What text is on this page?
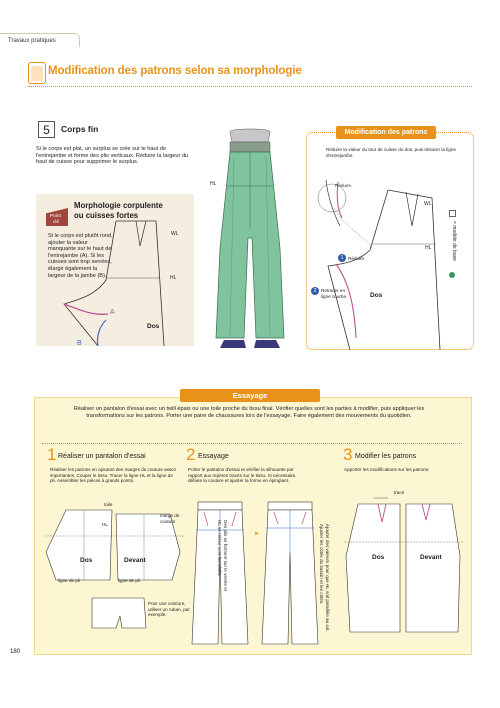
Travaux pratiques
Modification des patrons selon sa morphologie
5	Corps fin
Si le corps est plat, un surplus se crée sur le haut de l'entrejambe et forme des plis verticaux. Réduire la largeur du haut de cuisse pour supprimer le surplus.
Point
clé
Morphologie corpulente ou cuisses fortes
Si le corps est plutôt rond, ajouter la valeur manquante sur le haut de l'entrejambe (A). Si les cuisses sont trop serrées, élargir également la largeur de la jambe (B).
WL
HL
A
B
Dos
HL
Modification des patrons
Réduire la valeur du tour de cuisse du dos, puis retracer la ligne d'entrejambe.
Réduire.
1 Réduire.
2 Retracer en ligne courbe.
WL
HL
Dos
= modèle de base
Essayage
Réaliser un pantalon d'essai avec un twill épais ou une toile proche du tissu final. Vérifier quelles sont les parties à modifier, puis appliquer les transformations sur les patrons. Porter une paire de chaussures lors de l'essayage. Faire également des mouvements du quotidien.
1 Réaliser un pantalon d'essai
Réaliser les patrons en ajoutant des marges de couture assez importantes. Couper le tissu. Tracer la ligne HL et la ligne de pli. Assembler les pièces à grands points.
toile
HL
marge de couture
Dos	Devant
ligne de pli	ligne de pli
Pour une ceinture, utiliser un ruban, par exemple.
2 Essayage
Porter le pantalon d'essai et vérifier la silhouette par rapport aux repères tracés sur le tissu. Si nécessaire, défaire la couture et ajuster la forme en épinglant.
Des plis se forment sur le ventre et HL se relève vers les côtés.	Ajouter des valeurs pour que HL soit parallèle au sol. Ajuster les côtés du bassin et les côtés.
►
3 Modifier les patrons
Apporter les modifications sur les patrons.
tracé
Dos	Devant
180
